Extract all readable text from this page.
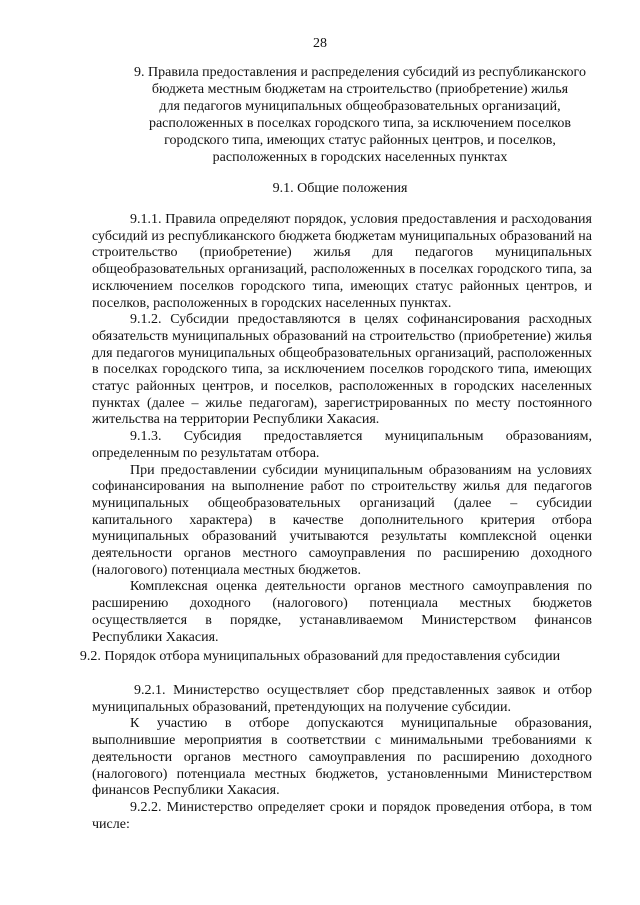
28
9. Правила предоставления и распределения субсидий из республиканского
бюджета местным бюджетам на строительство (приобретение) жилья
для педагогов муниципальных общеобразовательных организаций,
расположенных в поселках городского типа, за исключением поселков
городского типа, имеющих статус районных центров, и поселков,
расположенных в городских населенных пунктах
9.1. Общие положения

9.1.1. Правила определяют порядок, условия предоставления и расходования субсидий из республиканского бюджета бюджетам муниципальных образований на строительство (приобретение) жилья для педагогов муниципальных общеобразовательных организаций, расположенных в поселках городского типа, за исключением поселков городского типа, имеющих статус районных центров, и поселков, расположенных в городских населенных пунктах.

9.1.2. Субсидии предоставляются в целях софинансирования расходных обязательств муниципальных образований на строительство (приобретение) жилья для педагогов муниципальных общеобразовательных организаций, расположенных в поселках городского типа, за исключением поселков городского типа, имеющих статус районных центров, и поселков, расположенных в городских населенных пунктах (далее – жилье педагогам), зарегистрированных по месту постоянного жительства на территории Республики Хакасия.

9.1.3. Субсидия предоставляется муниципальным образованиям, определенным по результатам отбора.

При предоставлении субсидии муниципальным образованиям на условиях софинансирования на выполнение работ по строительству жилья для педагогов муниципальных общеобразовательных организаций (далее – субсидии капитального характера) в качестве дополнительного критерия отбора муниципальных образований учитываются результаты комплексной оценки деятельности органов местного самоуправления по расширению доходного (налогового) потенциала местных бюджетов.

Комплексная оценка деятельности органов местного самоуправления по расширению доходного (налогового) потенциала местных бюджетов осуществляется в порядке, устанавливаемом Министерством финансов Республики Хакасия.

9.2. Порядок отбора муниципальных образований для предоставления субсидии

9.2.1. Министерство осуществляет сбор представленных заявок и отбор муниципальных образований, претендующих на получение субсидии.

К участию в отборе допускаются муниципальные образования, выполнившие мероприятия в соответствии с минимальными требованиями к деятельности органов местного самоуправления по расширению доходного (налогового) потенциала местных бюджетов, установленными Министерством финансов Республики Хакасия.

9.2.2. Министерство определяет сроки и порядок проведения отбора, в том числе:
